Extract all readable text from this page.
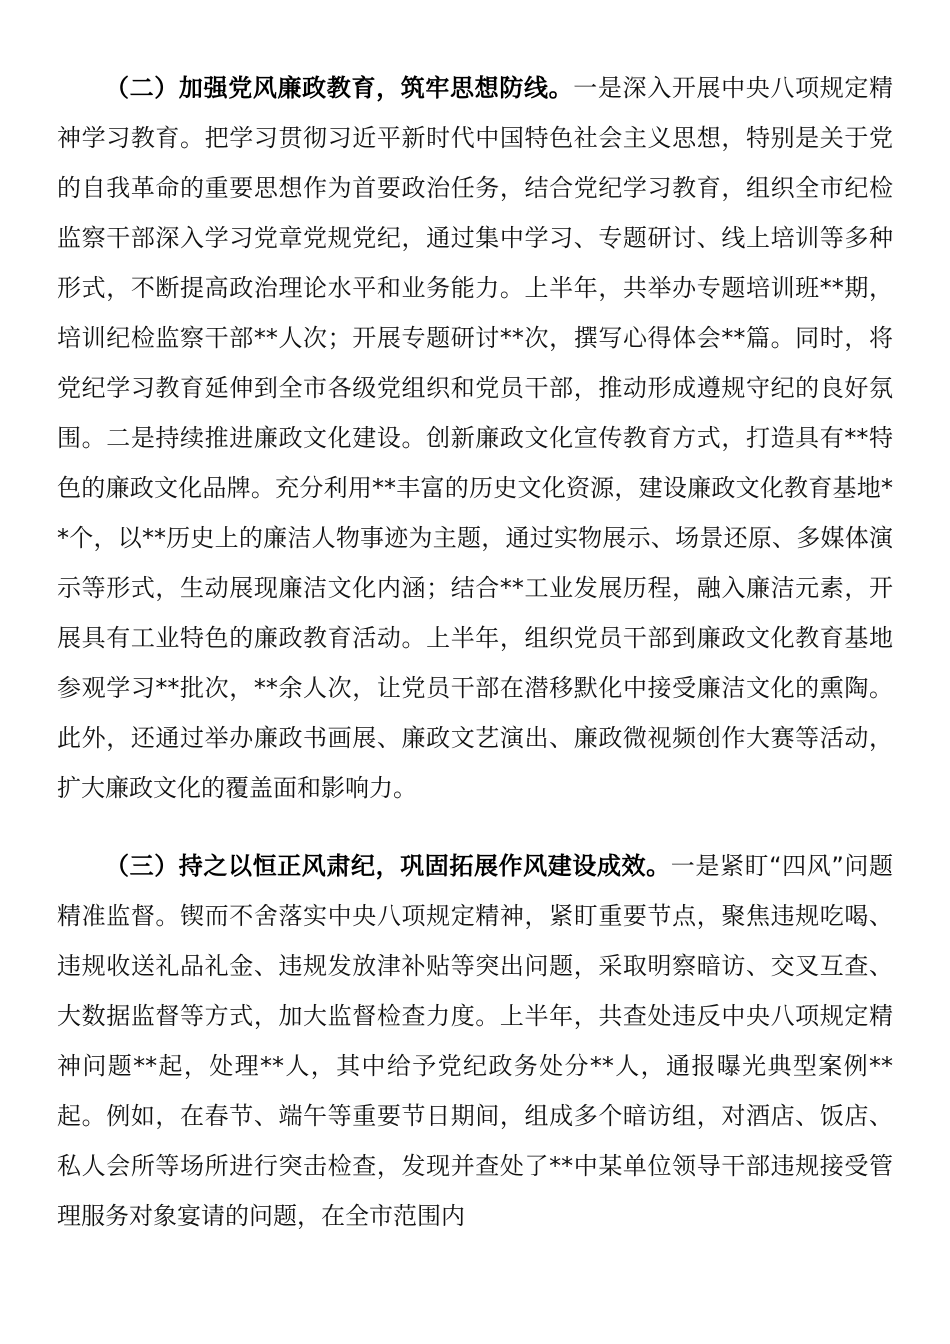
（二）加强党风廉政教育，筑牢思想防线。一是深入开展中央八项规定精神学习教育。把学习贯彻习近平新时代中国特色社会主义思想，特别是关于党的自我革命的重要思想作为首要政治任务，结合党纪学习教育，组织全市纪检监察干部深入学习党章党规党纪，通过集中学习、专题研讨、线上培训等多种形式，不断提高政治理论水平和业务能力。上半年，共举办专题培训班**期，培训纪检监察干部**人次；开展专题研讨**次，撰写心得体会**篇。同时，将党纪学习教育延伸到全市各级党组织和党员干部，推动形成遵规守纪的良好氛围。二是持续推进廉政文化建设。创新廉政文化宣传教育方式，打造具有**特色的廉政文化品牌。充分利用**丰富的历史文化资源，建设廉政文化教育基地**个，以**历史上的廉洁人物事迹为主题，通过实物展示、场景还原、多媒体演示等形式，生动展现廉洁文化内涵；结合**工业发展历程，融入廉洁元素，开展具有工业特色的廉政教育活动。上半年，组织党员干部到廉政文化教育基地参观学习**批次，**余人次，让党员干部在潜移默化中接受廉洁文化的熏陶。此外，还通过举办廉政书画展、廉政文艺演出、廉政微视频创作大赛等活动，扩大廉政文化的覆盖面和影响力。

（三）持之以恒正风肃纪，巩固拓展作风建设成效。一是紧盯“四风”问题精准监督。锲而不舍落实中央八项规定精神，紧盯重要节点，聚焦违规吃喝、违规收送礼品礼金、违规发放津补贴等突出问题，采取明察暗访、交叉互查、大数据监督等方式，加大监督检查力度。上半年，共查处违反中央八项规定精神问题**起，处理**人，其中给予党纪政务处分**人，通报曝光典型案例**起。例如，在春节、端午等重要节日期间，组成多个暗访组，对酒店、饭店、私人会所等场所进行突击检查，发现并查处了**中某单位领导干部违规接受管理服务对象宴请的问题，在全市范围内
